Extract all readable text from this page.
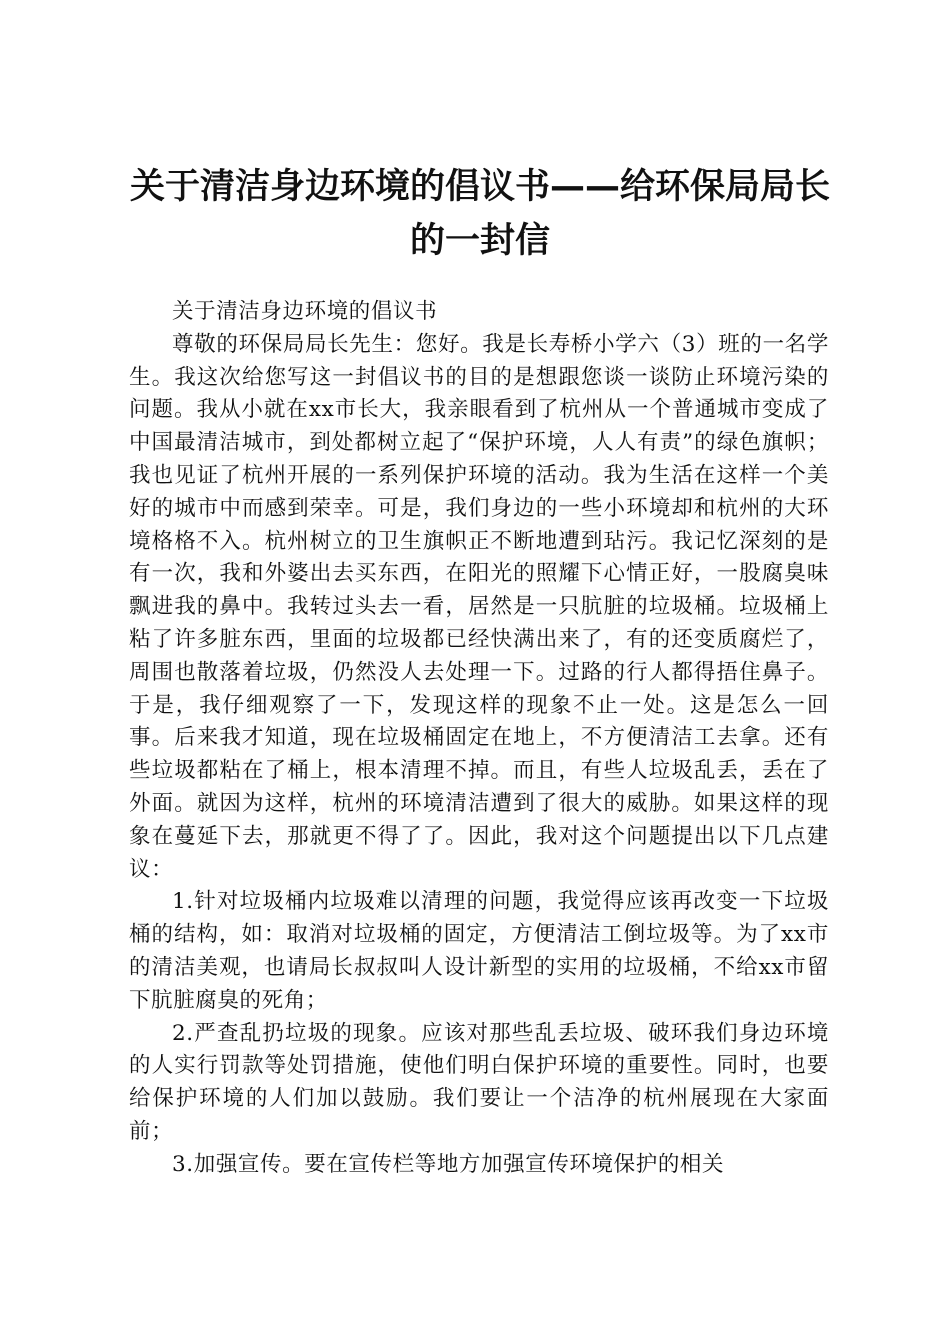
关于清洁身边环境的倡议书——给环保局局长
的一封信

关于清洁身边环境的倡议书

尊敬的环保局局长先生：您好。我是长寿桥小学六（3）班的一名学生。我这次给您写这一封倡议书的目的是想跟您谈一谈防止环境污染的问题。我从小就在xx市长大，我亲眼看到了杭州从一个普通城市变成了中国最清洁城市，到处都树立起了“保护环境，人人有责”的绿色旗帜；我也见证了杭州开展的一系列保护环境的活动。我为生活在这样一个美好的城市中而感到荣幸。可是，我们身边的一些小环境却和杭州的大环境格格不入。杭州树立的卫生旗帜正不断地遭到玷污。我记忆深刻的是有一次，我和外婆出去买东西，在阳光的照耀下心情正好，一股腐臭味飘进我的鼻中。我转过头去一看，居然是一只肮脏的垃圾桶。垃圾桶上粘了许多脏东西，里面的垃圾都已经快满出来了，有的还变质腐烂了，周围也散落着垃圾，仍然没人去处理一下。过路的行人都得捂住鼻子。于是，我仔细观察了一下，发现这样的现象不止一处。这是怎么一回事。后来我才知道，现在垃圾桶固定在地上，不方便清洁工去拿。还有些垃圾都粘在了桶上，根本清理不掉。而且，有些人垃圾乱丢，丢在了外面。就因为这样，杭州的环境清洁遭到了很大的威胁。如果这样的现象在蔓延下去，那就更不得了了。因此，我对这个问题提出以下几点建议：

1.针对垃圾桶内垃圾难以清理的问题，我觉得应该再改变一下垃圾桶的结构，如：取消对垃圾桶的固定，方便清洁工倒垃圾等。为了xx市的清洁美观，也请局长叔叔叫人设计新型的实用的垃圾桶，不给xx市留下肮脏腐臭的死角；

2.严查乱扔垃圾的现象。应该对那些乱丢垃圾、破环我们身边环境的人实行罚款等处罚措施，使他们明白保护环境的重要性。同时，也要给保护环境的人们加以鼓励。我们要让一个洁净的杭州展现在大家面前；

3.加强宣传。要在宣传栏等地方加强宣传环境保护的相关
